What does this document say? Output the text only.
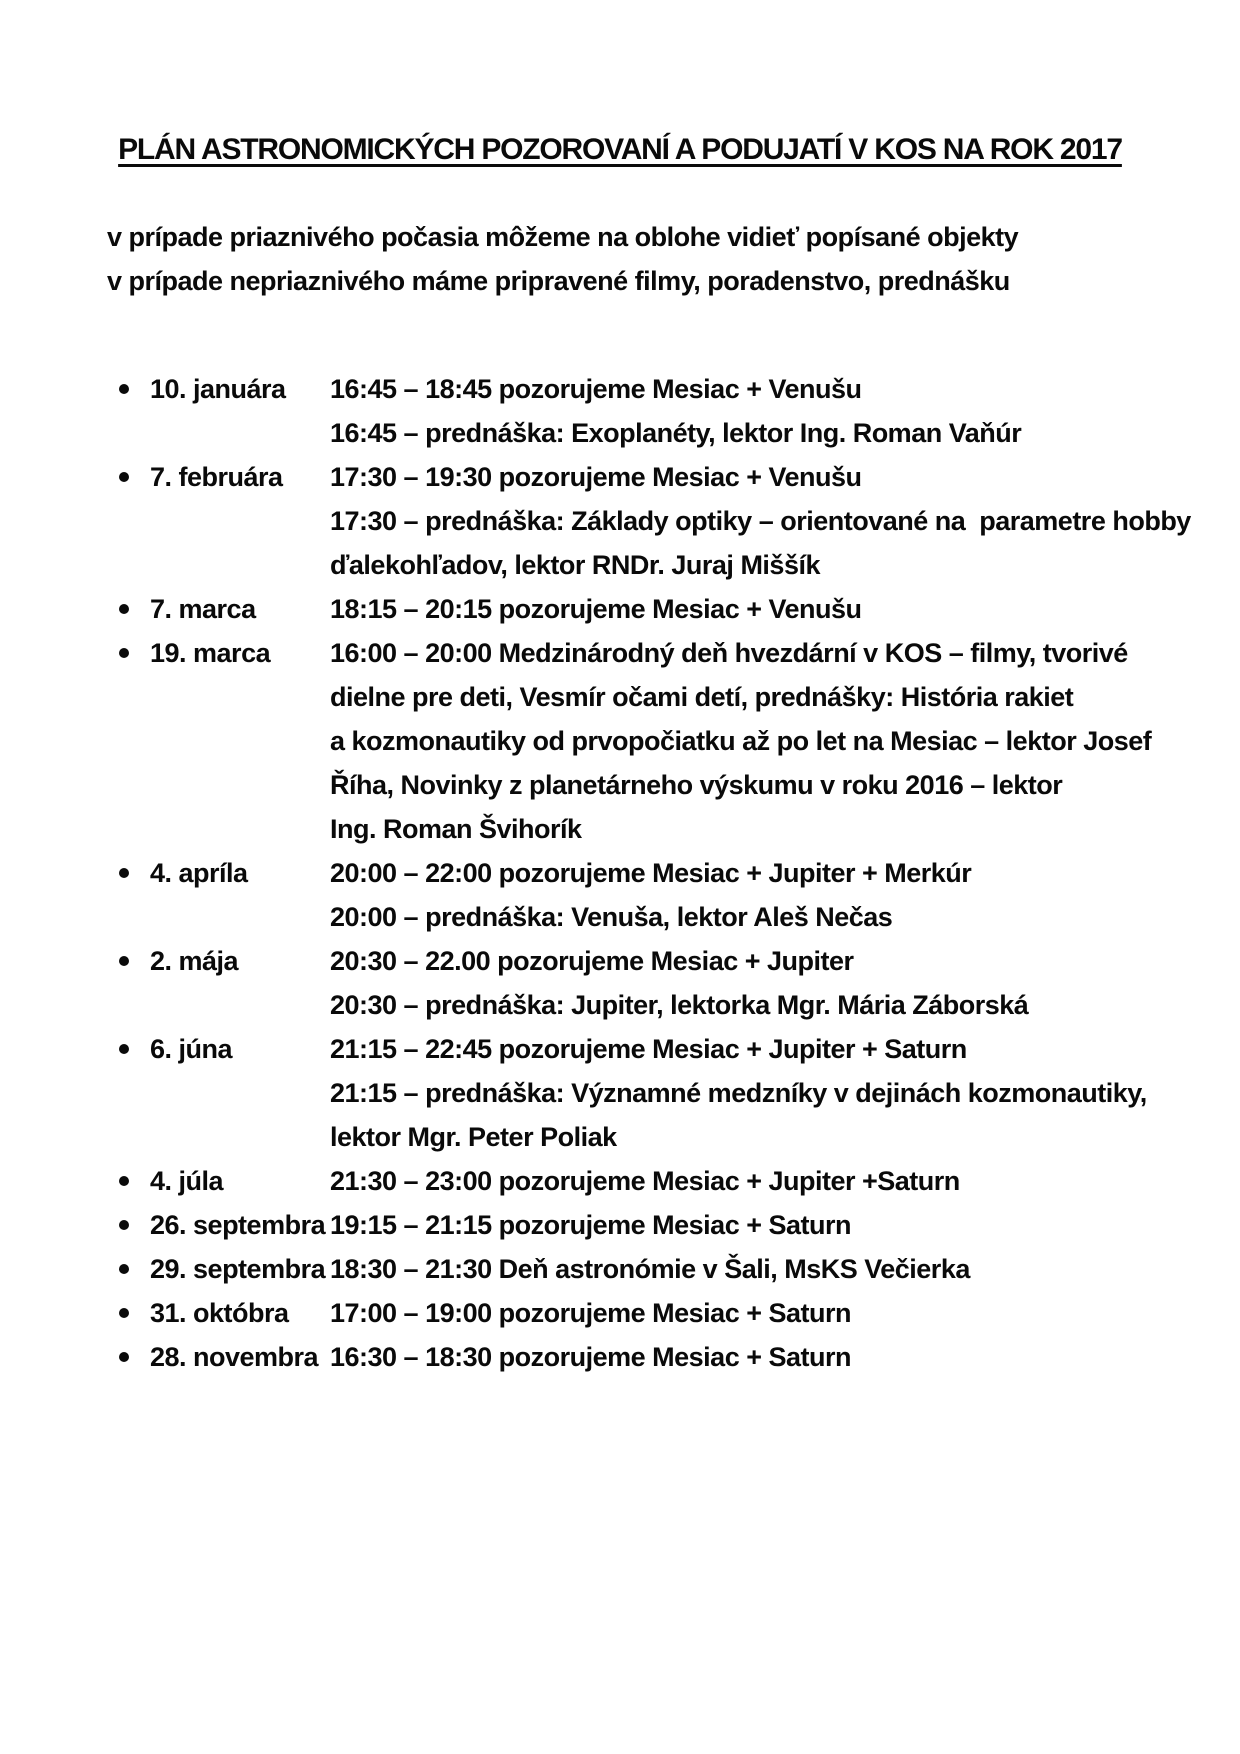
PLÁN ASTRONOMICKÝCH POZOROVANÍ A PODUJATÍ V KOS NA ROK 2017
v prípade priaznivého počasia môžeme na oblohe vidieť popísané objekty
v prípade nepriaznivého máme pripravené filmy, poradenstvo, prednášku
10. januára	16:45 – 18:45 pozorujeme Mesiac + Venušu
16:45 – prednáška: Exoplanéty, lektor Ing. Roman Vaňúr
7. februára	17:30 – 19:30 pozorujeme Mesiac + Venušu
17:30 – prednáška: Základy optiky – orientované na  parametre hobby
ďalekohľadov, lektor RNDr. Juraj Miššík
7. marca	18:15 – 20:15 pozorujeme Mesiac + Venušu
19. marca	16:00 – 20:00 Medzinárodný deň hvezdární v KOS – filmy, tvorivé
dielne pre deti, Vesmír očami detí, prednášky: História rakiet
a kozmonautiky od prvopočiatku až po let na Mesiac – lektor Josef
Říha, Novinky z planetárneho výskumu v roku 2016 – lektor
Ing. Roman Švihorík
4. apríla	20:00 – 22:00 pozorujeme Mesiac + Jupiter + Merkúr
20:00 – prednáška: Venuša, lektor Aleš Nečas
2. mája	20:30 – 22.00 pozorujeme Mesiac + Jupiter
20:30 – prednáška: Jupiter, lektorka Mgr. Mária Záborská
6. júna	21:15 – 22:45 pozorujeme Mesiac + Jupiter + Saturn
21:15 – prednáška: Významné medzníky v dejinách kozmonautiky,
lektor Mgr. Peter Poliak
4. júla	21:30 – 23:00 pozorujeme Mesiac + Jupiter +Saturn
26. septembra 19:15 – 21:15 pozorujeme Mesiac + Saturn
29. septembra 18:30 – 21:30 Deň astronómie v Šali, MsKS Večierka
31. októbra	17:00 – 19:00 pozorujeme Mesiac + Saturn
28. novembra 16:30 – 18:30 pozorujeme Mesiac + Saturn
